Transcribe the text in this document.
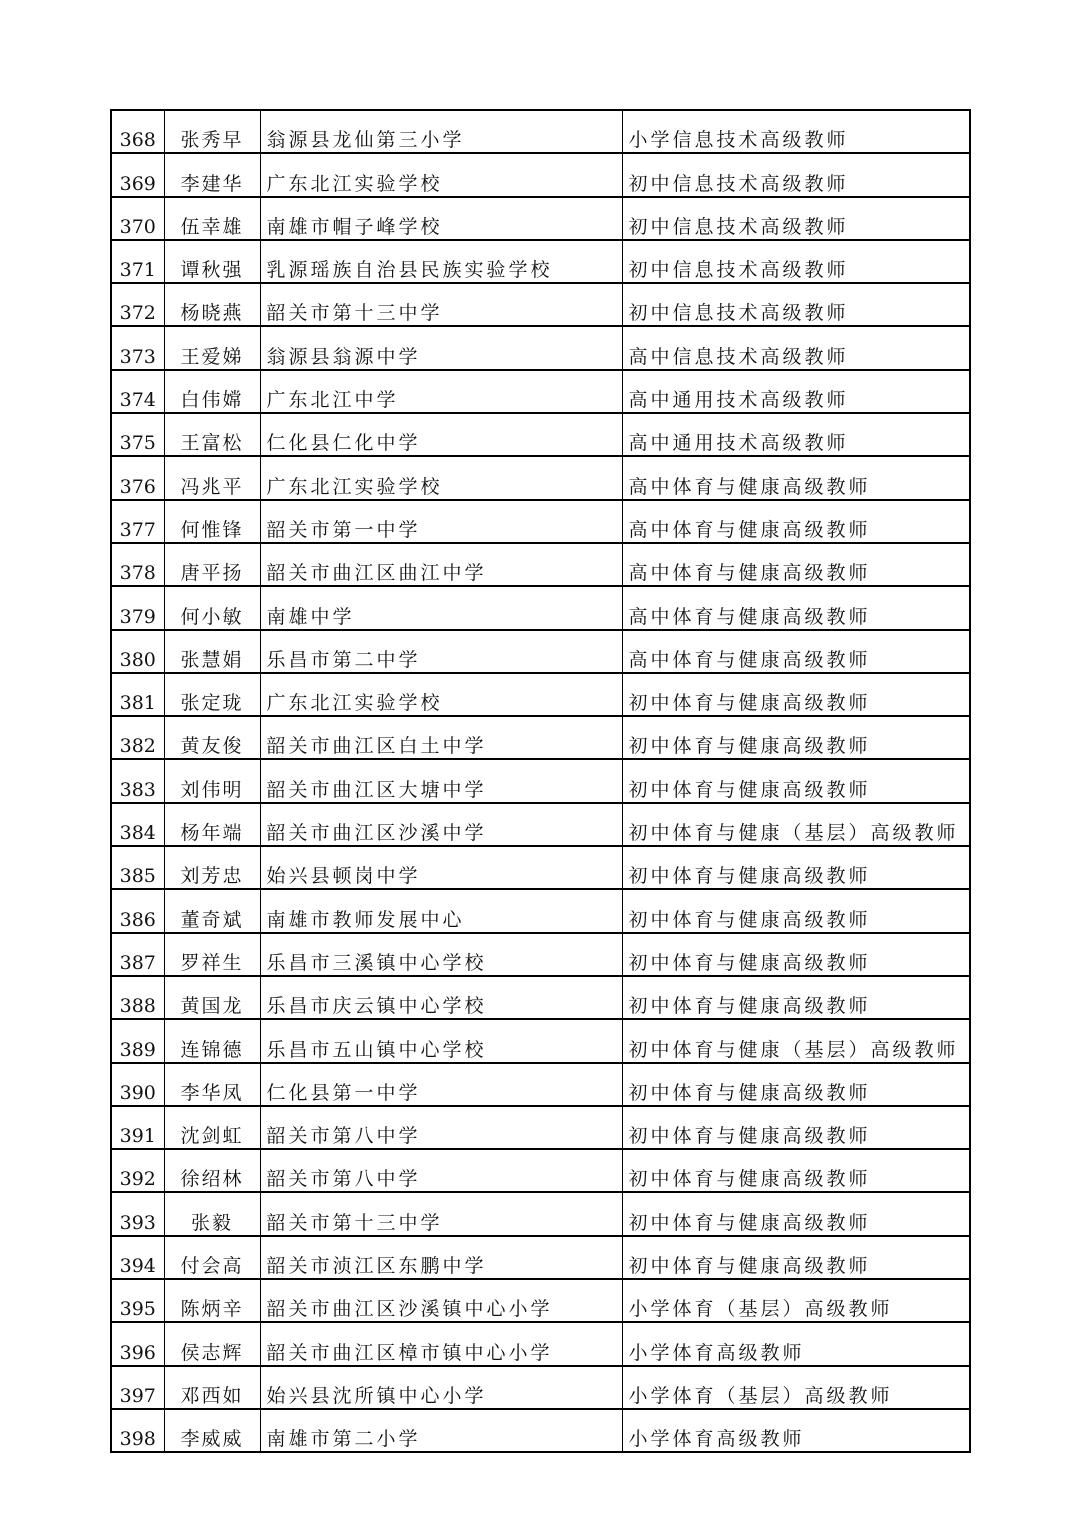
368	张秀早	翁源县龙仙第三小学	小学信息技术高级教师
369	李建华	广东北江实验学校	初中信息技术高级教师
370	伍幸雄	南雄市帽子峰学校	初中信息技术高级教师
371	谭秋强	乳源瑶族自治县民族实验学校	初中信息技术高级教师
372	杨晓燕	韶关市第十三中学	初中信息技术高级教师
373	王爱娣	翁源县翁源中学	高中信息技术高级教师
374	白伟嫦	广东北江中学	高中通用技术高级教师
375	王富松	仁化县仁化中学	高中通用技术高级教师
376	冯兆平	广东北江实验学校	高中体育与健康高级教师
377	何惟锋	韶关市第一中学	高中体育与健康高级教师
378	唐平扬	韶关市曲江区曲江中学	高中体育与健康高级教师
379	何小敏	南雄中学	高中体育与健康高级教师
380	张慧娟	乐昌市第二中学	高中体育与健康高级教师
381	张定珑	广东北江实验学校	初中体育与健康高级教师
382	黄友俊	韶关市曲江区白土中学	初中体育与健康高级教师
383	刘伟明	韶关市曲江区大塘中学	初中体育与健康高级教师
384	杨年端	韶关市曲江区沙溪中学	初中体育与健康（基层）高级教师
385	刘芳忠	始兴县顿岗中学	初中体育与健康高级教师
386	董奇斌	南雄市教师发展中心	初中体育与健康高级教师
387	罗祥生	乐昌市三溪镇中心学校	初中体育与健康高级教师
388	黄国龙	乐昌市庆云镇中心学校	初中体育与健康高级教师
389	连锦德	乐昌市五山镇中心学校	初中体育与健康（基层）高级教师
390	李华凤	仁化县第一中学	初中体育与健康高级教师
391	沈剑虹	韶关市第八中学	初中体育与健康高级教师
392	徐绍林	韶关市第八中学	初中体育与健康高级教师
393	张毅	韶关市第十三中学	初中体育与健康高级教师
394	付会高	韶关市浈江区东鹏中学	初中体育与健康高级教师
395	陈炳辛	韶关市曲江区沙溪镇中心小学	小学体育（基层）高级教师
396	侯志辉	韶关市曲江区樟市镇中心小学	小学体育高级教师
397	邓西如	始兴县沈所镇中心小学	小学体育（基层）高级教师
398	李威威	南雄市第二小学	小学体育高级教师
